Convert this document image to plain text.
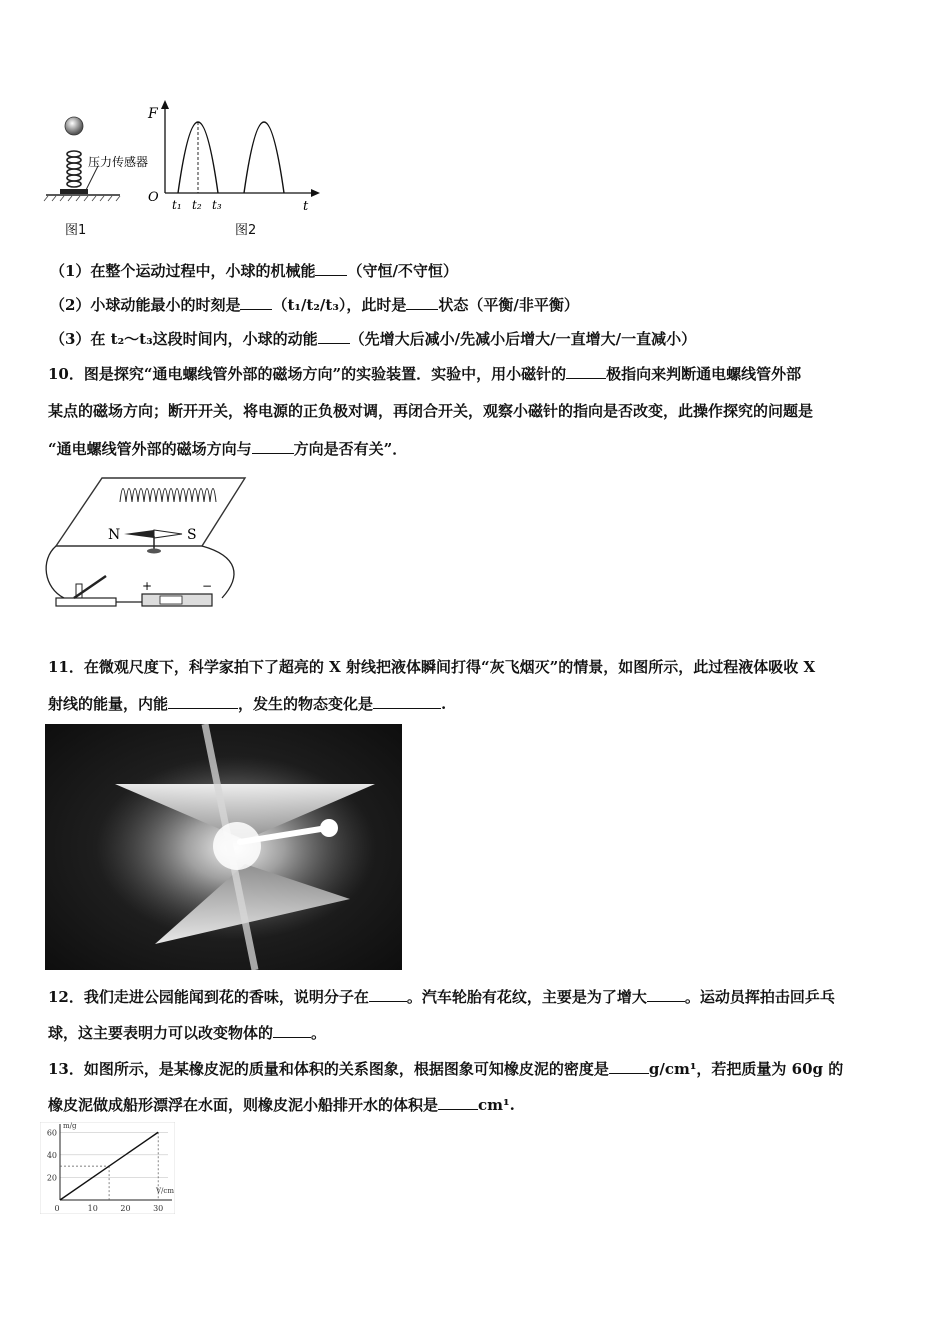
压力传感器
图1
F
O
t
t₁ t₂ t₃
图2
（1）在整个运动过程中，小球的机械能 （守恒/不守恒）
（2）小球动能最小的时刻是 （t₁/t₂/t₃），此时是 状态（平衡/非平衡）
（3）在 t₂～t₃这段时间内，小球的动能 （先增大后减小/先减小后增大/一直增大/一直减小）
10．图是探究“通电螺线管外部的磁场方向”的实验装置．实验中，用小磁针的	极指向来判断通电螺线管外部
某点的磁场方向；断开开关，将电源的正负极对调，再闭合开关，观察小磁针的指向是否改变，此操作探究的问题是
“通电螺线管外部的磁场方向与	方向是否有关”．
N	S
+	−
11．在微观尺度下，科学家拍下了超亮的 X 射线把液体瞬间打得“灰飞烟灭”的情景，如图所示，此过程液体吸收 X
射线的能量，内能	，发生的物态变化是	.
12．我们走进公园能闻到花的香味，说明分子在	。汽车轮胎有花纹，主要是为了增大	。运动员挥拍击回乒乓
球，这主要表明力可以改变物体的	。
13．如图所示，是某橡皮泥的质量和体积的关系图象，根据图象可知橡皮泥的密度是	g/cm¹，若把质量为 60g 的
橡皮泥做成船形漂浮在水面，则橡皮泥小船排开水的体积是	cm¹.
20
40
60
0	10	20	30
m/g
V/cm
